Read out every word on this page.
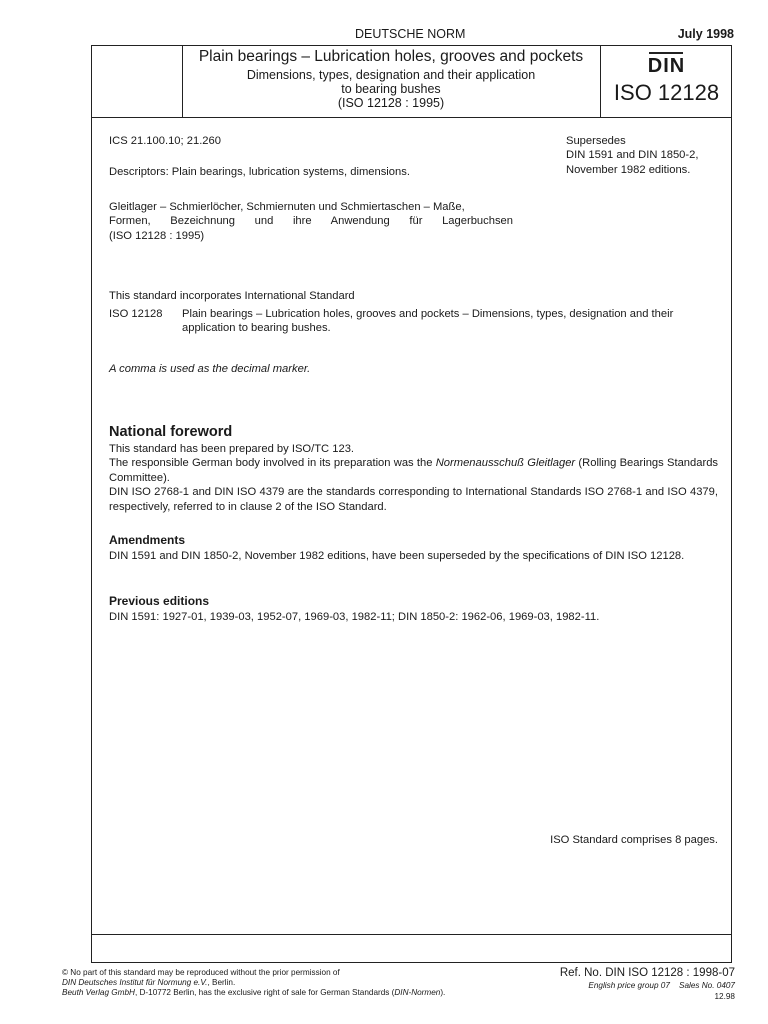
DEUTSCHE NORM	July 1998
Plain bearings – Lubrication holes, grooves and pockets
Dimensions, types, designation and their application
to bearing bushes
(ISO 12128 : 1995)
DIN
ISO 12128
ICS 21.100.10; 21.260
Descriptors: Plain bearings, lubrication systems, dimensions.
Gleitlager – Schmierlöcher, Schmiernuten und Schmiertaschen – Maße,
Formen, Bezeichnung und ihre Anwendung für Lagerbuchsen
(ISO 12128 : 1995)
Supersedes
DIN 1591 and DIN 1850-2,
November 1982 editions.
This standard incorporates International Standard
ISO 12128 Plain bearings – Lubrication holes, grooves and pockets – Dimensions, types, designation and their application to bearing bushes.
A comma is used as the decimal marker.
National foreword
This standard has been prepared by ISO/TC 123.
The responsible German body involved in its preparation was the Normenausschuß Gleitlager (Rolling Bearings Standards Committee).
DIN ISO 2768-1 and DIN ISO 4379 are the standards corresponding to International Standards ISO 2768-1 and ISO 4379, respectively, referred to in clause 2 of the ISO Standard.
Amendments
DIN 1591 and DIN 1850-2, November 1982 editions, have been superseded by the specifications of DIN ISO 12128.
Previous editions
DIN 1591: 1927-01, 1939-03, 1952-07, 1969-03, 1982-11; DIN 1850-2: 1962-06, 1969-03, 1982-11.
ISO Standard comprises 8 pages.
© No part of this standard may be reproduced without the prior permission of
DIN Deutsches Institut für Normung e.V., Berlin.
Beuth Verlag GmbH, D-10772 Berlin, has the exclusive right of sale for German Standards (DIN-Normen).
Ref. No. DIN ISO 12128 : 1998-07
English price group 07 Sales No. 0407
12.98
